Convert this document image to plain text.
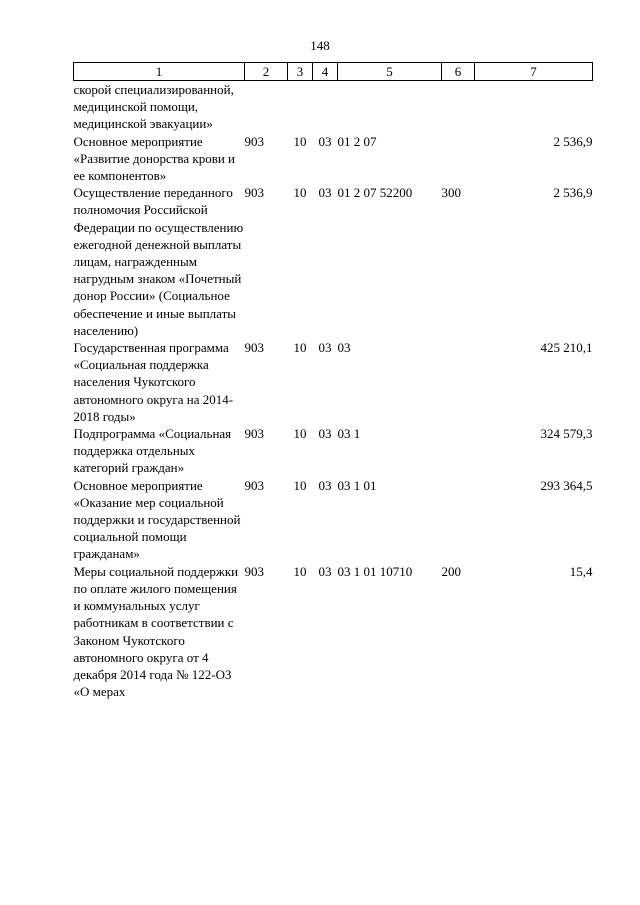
148
1	2	3	4	5	6	7
скорой специализированной, медицинской помощи, медицинской эвакуации»						
Основное мероприятие «Развитие донорства крови и ее компонентов»	903	10	03	01 2 07		2 536,9
Осуществление переданного полномочия Российской Федерации по осуществлению ежегодной денежной выплаты лицам, награжденным нагрудным знаком «Почетный донор России» (Социальное обеспечение и иные выплаты населению)	903	10	03	01 2 07 52200	300	2 536,9
Государственная программа «Социальная поддержка населения Чукотского автономного округа на 2014-2018 годы»	903	10	03	03		425 210,1
Подпрограмма «Социальная поддержка отдельных категорий граждан»	903	10	03	03 1		324 579,3
Основное мероприятие «Оказание мер социальной поддержки и государственной социальной помощи гражданам»	903	10	03	03 1 01		293 364,5
Меры социальной поддержки по оплате жилого помещения и коммунальных услуг работникам в соответствии с Законом Чукотского автономного округа от 4 декабря 2014 года № 122-ОЗ «О мерах	903	10	03	03 1 01 10710	200	15,4
